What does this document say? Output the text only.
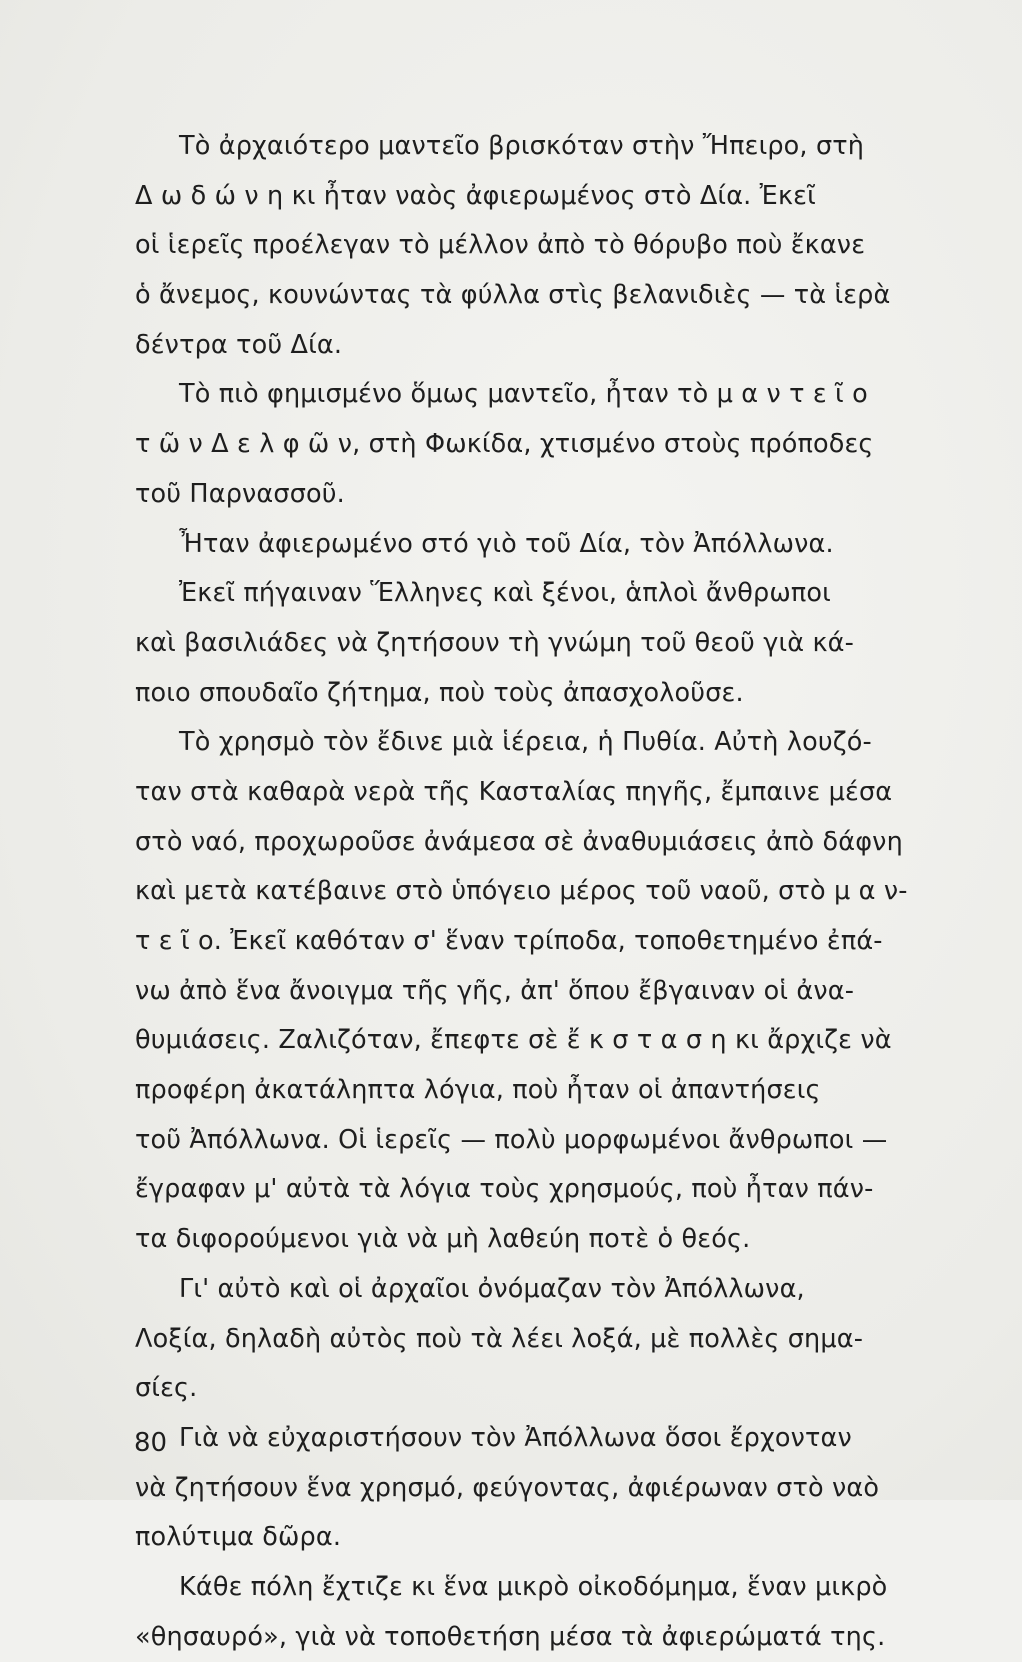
Τὸ ἀρχαιότερο μαντεῖο βρισκόταν στὴν Ἤπειρο, στὴ
Δ ω δ ώ ν η κι ἦταν ναὸς ἀφιερωμένος στὸ Δία. Ἐκεῖ
οἱ ἱερεῖς προέλεγαν τὸ μέλλον ἀπὸ τὸ θόρυβο ποὺ ἔκανε
ὁ ἄνεμος, κουνώντας τὰ φύλλα στὶς βελανιδιὲς — τὰ ἱερὰ
δέντρα τοῦ Δία.
Τὸ πιὸ φημισμένο ὅμως μαντεῖο, ἦταν τὸ μ α ν τ ε ῖ ο
τ ῶ ν Δ ε λ φ ῶ ν, στὴ Φωκίδα, χτισμένο στοὺς πρόποδες
τοῦ Παρνασσοῦ.
Ἦταν ἀφιερωμένο στό γιὸ τοῦ Δία, τὸν Ἀπόλλωνα.
Ἐκεῖ πήγαιναν Ἕλληνες καὶ ξένοι, ἁπλοὶ ἄνθρωποι
καὶ βασιλιάδες νὰ ζητήσουν τὴ γνώμη τοῦ θεοῦ γιὰ κά-
ποιο σπουδαῖο ζήτημα, ποὺ τοὺς ἀπασχολοῦσε.
Τὸ χρησμὸ τὸν ἔδινε μιὰ ἱέρεια, ἡ Πυθία. Αὐτὴ λουζό-
ταν στὰ καθαρὰ νερὰ τῆς Κασταλίας πηγῆς, ἔμπαινε μέσα
στὸ ναό, προχωροῦσε ἀνάμεσα σὲ ἀναθυμιάσεις ἀπὸ δάφνη
καὶ μετὰ κατέβαινε στὸ ὑπόγειο μέρος τοῦ ναοῦ, στὸ μ α ν-
τ ε ῖ ο. Ἐκεῖ καθόταν σ' ἕναν τρίποδα, τοποθετημένο ἐπά-
νω ἀπὸ ἕνα ἄνοιγμα τῆς γῆς, ἀπ' ὅπου ἔβγαιναν οἱ ἀνα-
θυμιάσεις. Ζαλιζόταν, ἔπεφτε σὲ ἔ κ σ τ α σ η κι ἄρχιζε νὰ
προφέρη ἀκατάληπτα λόγια, ποὺ ἦταν οἱ ἀπαντήσεις
τοῦ Ἀπόλλωνα. Οἱ ἱερεῖς — πολὺ μορφωμένοι ἄνθρωποι —
ἔγραφαν μ' αὐτὰ τὰ λόγια τοὺς χρησμούς, ποὺ ἦταν πάν-
τα διφορούμενοι γιὰ νὰ μὴ λαθεύη ποτὲ ὁ θεός.
Γι' αὐτὸ καὶ οἱ ἀρχαῖοι ὀνόμαζαν τὸν Ἀπόλλωνα,
Λοξία, δηλαδὴ αὐτὸς ποὺ τὰ λέει λοξά, μὲ πολλὲς σημα-
σίες.
Γιὰ νὰ εὐχαριστήσουν τὸν Ἀπόλλωνα ὅσοι ἔρχονταν
νὰ ζητήσουν ἕνα χρησμό, φεύγοντας, ἀφιέρωναν στὸ ναὸ
πολύτιμα δῶρα.
Κάθε πόλη ἔχτιζε κι ἕνα μικρὸ οἰκοδόμημα, ἕναν μικρὸ
«θησαυρό», γιὰ νὰ τοποθετήση μέσα τὰ ἀφιερώματά της.
80
